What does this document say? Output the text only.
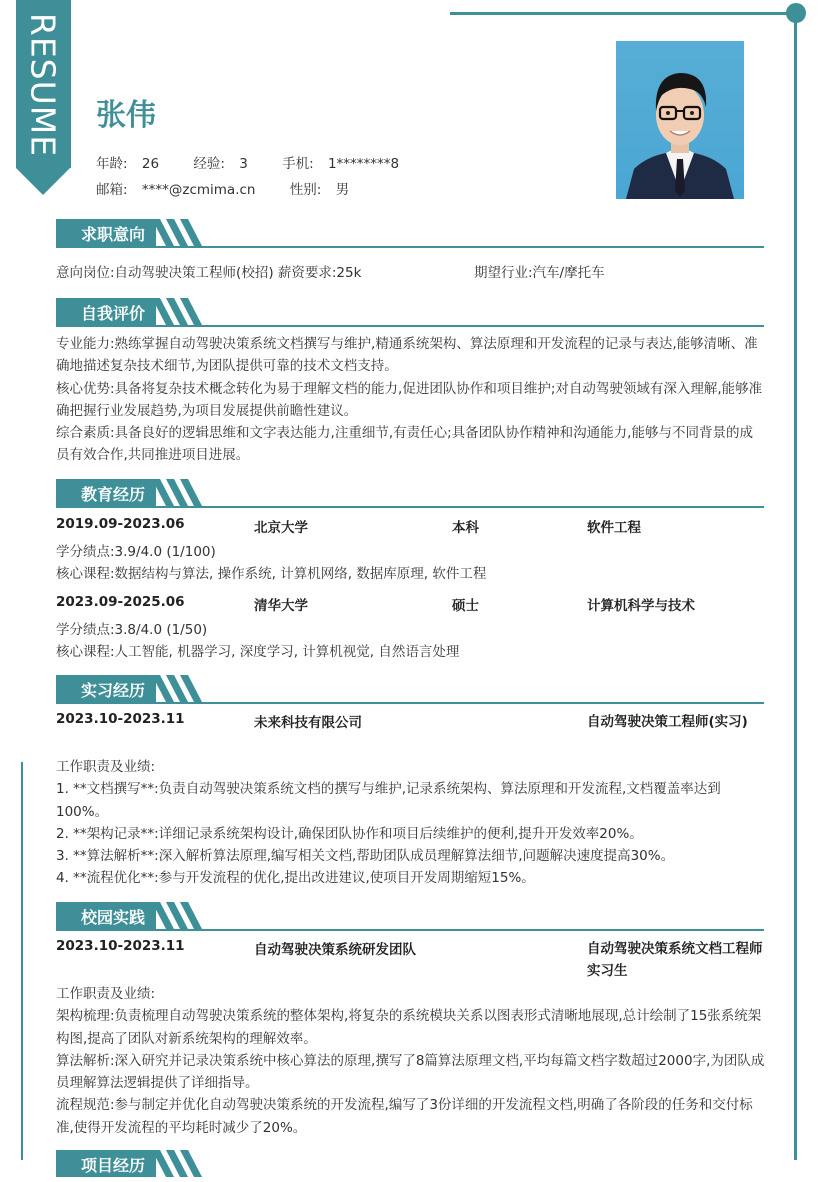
RESUME 张伟
年龄: 26	经验: 3	手机: 1********8
邮箱: ****@zcmima.cn	性别: 男
求职意向
意向岗位:自动驾驶决策工程师(校招) 薪资要求:25k	期望行业:汽车/摩托车
自我评价
专业能力:熟练掌握自动驾驶决策系统文档撰写与维护,精通系统架构、算法原理和开发流程的记录与表达,能够清晰、准确地描述复杂技术细节,为团队提供可靠的技术文档支持。
核心优势:具备将复杂技术概念转化为易于理解文档的能力,促进团队协作和项目维护;对自动驾驶领域有深入理解,能够准确把握行业发展趋势,为项目发展提供前瞻性建议。
综合素质:具备良好的逻辑思维和文字表达能力,注重细节,有责任心;具备团队协作精神和沟通能力,能够与不同背景的成员有效合作,共同推进项目进展。
教育经历
2019.09-2023.06	北京大学	本科	软件工程
学分绩点:3.9/4.0 (1/100)
核心课程:数据结构与算法, 操作系统, 计算机网络, 数据库原理, 软件工程
2023.09-2025.06	清华大学	硕士	计算机科学与技术
学分绩点:3.8/4.0 (1/50)
核心课程:人工智能, 机器学习, 深度学习, 计算机视觉, 自然语言处理
实习经历
2023.10-2023.11	未来科技有限公司	自动驾驶决策工程师(实习)
工作职责及业绩:
1. **文档撰写**:负责自动驾驶决策系统文档的撰写与维护,记录系统架构、算法原理和开发流程,文档覆盖率达到100%。
2. **架构记录**:详细记录系统架构设计,确保团队协作和项目后续维护的便利,提升开发效率20%。
3. **算法解析**:深入解析算法原理,编写相关文档,帮助团队成员理解算法细节,问题解决速度提高30%。
4. **流程优化**:参与开发流程的优化,提出改进建议,使项目开发周期缩短15%。
校园实践
2023.10-2023.11	自动驾驶决策系统研发团队	自动驾驶决策系统文档工程师实习生
工作职责及业绩:
架构梳理:负责梳理自动驾驶决策系统的整体架构,将复杂的系统模块关系以图表形式清晰地展现,总计绘制了15张系统架构图,提高了团队对新系统架构的理解效率。
算法解析:深入研究并记录决策系统中核心算法的原理,撰写了8篇算法原理文档,平均每篇文档字数超过2000字,为团队成员理解算法逻辑提供了详细指导。
流程规范:参与制定并优化自动驾驶决策系统的开发流程,编写了3份详细的开发流程文档,明确了各阶段的任务和交付标准,使得开发流程的平均耗时减少了20%。
项目经历
